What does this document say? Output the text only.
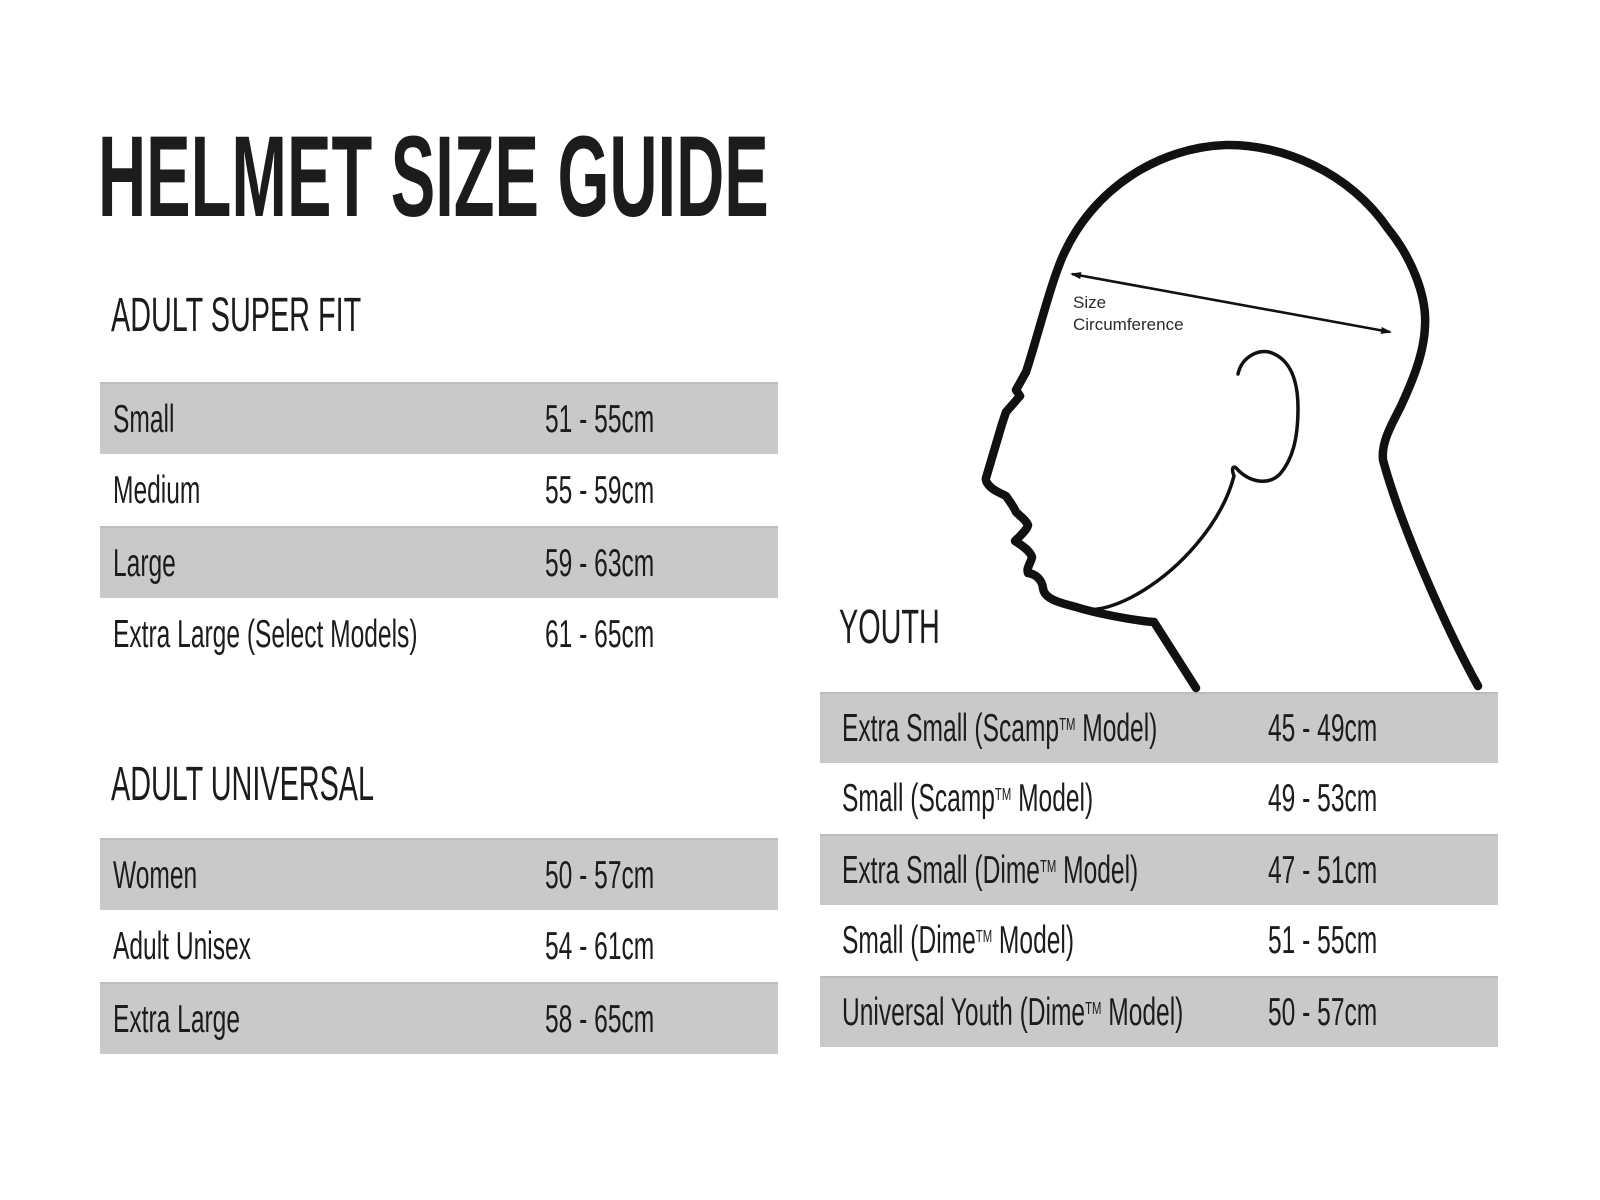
HELMET SIZE GUIDE
ADULT SUPER FIT
Small	51 - 55cm
Medium	55 - 59cm
Large	59 - 63cm
Extra Large (Select Models)	61 - 65cm
ADULT UNIVERSAL
Women	50 - 57cm
Adult Unisex	54 - 61cm
Extra Large	58 - 65cm
YOUTH
Extra Small (Scamp™ Model)	45 - 49cm
Small (Scamp™ Model)	49 - 53cm
Extra Small (Dime™ Model)	47 - 51cm
Small (Dime™ Model)	51 - 55cm
Universal Youth (Dime™ Model) 50 - 57cm
Size
Circumference
